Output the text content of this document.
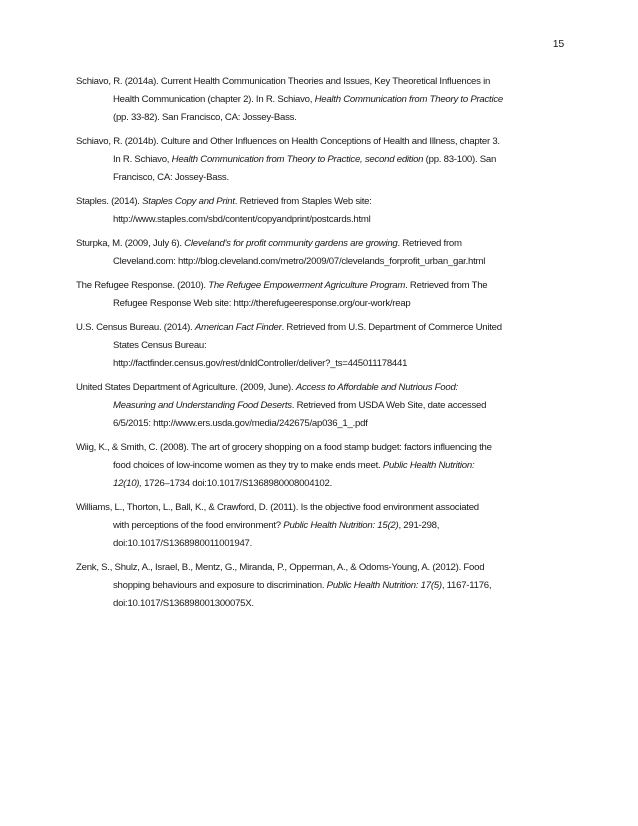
15
Schiavo, R. (2014a). Current Health Communication Theories and Issues, Key Theoretical Influences in
Health Communication (chapter 2). In R. Schiavo, Health Communication from Theory to Practice
(pp. 33-82). San Francisco, CA: Jossey-Bass.
Schiavo, R. (2014b). Culture and Other Influences on Health Conceptions of Health and Illness, chapter 3.
In R. Schiavo, Health Communication from Theory to Practice, second edition (pp. 83-100). San
Francisco, CA: Jossey-Bass.
Staples. (2014). Staples Copy and Print. Retrieved from Staples Web site:
http://www.staples.com/sbd/content/copyandprint/postcards.html
Sturpka, M. (2009, July 6). Cleveland's for profit community gardens are growing. Retrieved from
Cleveland.com: http://blog.cleveland.com/metro/2009/07/clevelands_forprofit_urban_gar.html
The Refugee Response. (2010). The Refugee Empowerment Agriculture Program. Retrieved from The
Refugee Response Web site: http://therefugeeresponse.org/our-work/reap
U.S. Census Bureau. (2014). American Fact Finder. Retrieved from U.S. Department of Commerce United
States Census Bureau:
http://factfinder.census.gov/rest/dnldController/deliver?_ts=445011178441
United States Department of Agriculture. (2009, June). Access to Affordable and Nutrious Food:
Measuring and Understanding Food Deserts. Retrieved from USDA Web Site, date accessed
6/5/2015: http://www.ers.usda.gov/media/242675/ap036_1_.pdf
Wiig, K., & Smith, C. (2008). The art of grocery shopping on a food stamp budget: factors influencing the
food choices of low-income women as they try to make ends meet. Public Health Nutrition:
12(10), 1726–1734 doi:10.1017/S1368980008004102.
Williams, L., Thorton, L., Ball, K., & Crawford, D. (2011). Is the objective food environment associated
with perceptions of the food environment? Public Health Nutrition: 15(2), 291-298,
doi:10.1017/S1368980011001947.
Zenk, S., Shulz, A., Israel, B., Mentz, G., Miranda, P., Opperman, A., & Odoms-Young, A. (2012). Food
shopping behaviours and exposure to discrimination. Public Health Nutrition: 17(5), 1167-1176,
doi:10.1017/S136898001300075X.
